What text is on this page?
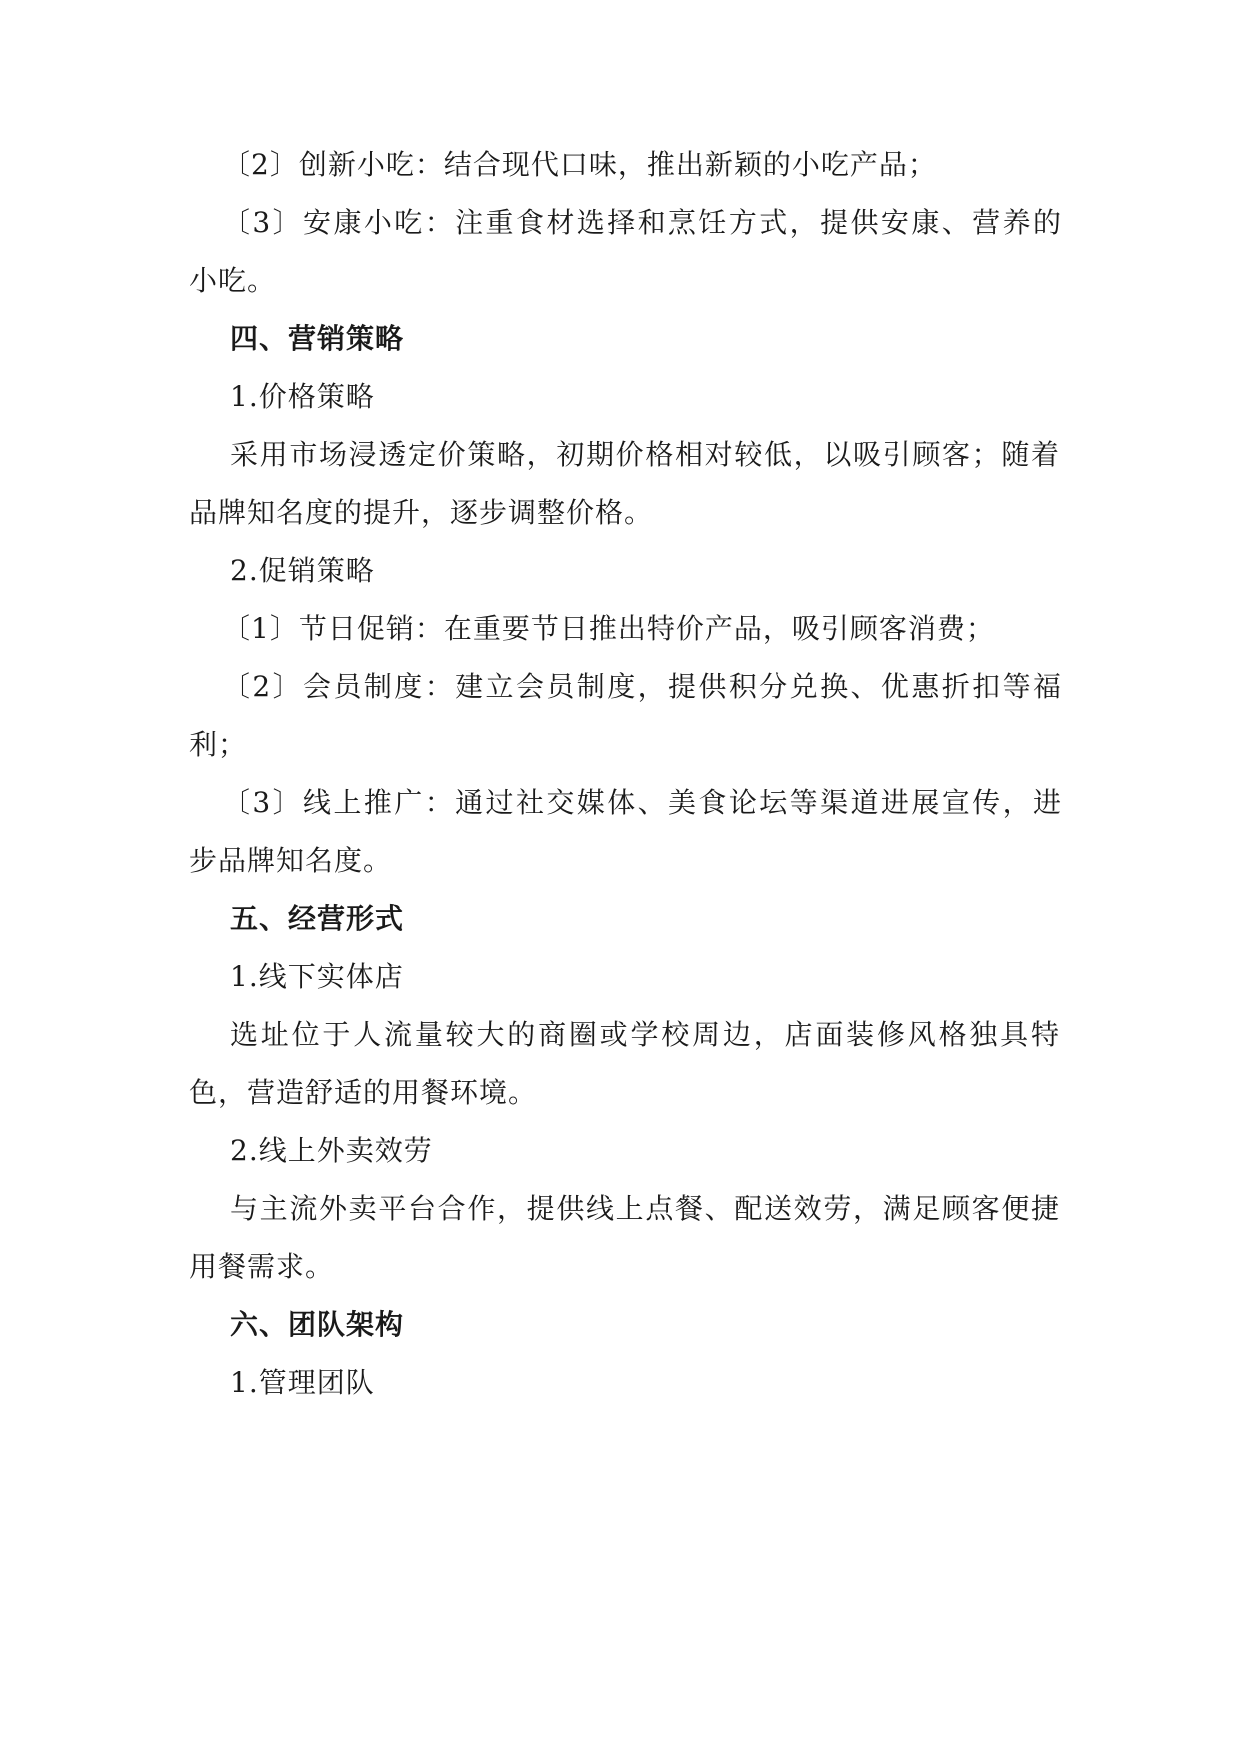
〔2〕创新小吃：结合现代口味，推出新颖的小吃产品；
〔3〕安康小吃：注重食材选择和烹饪方式，提供安康、营养的
小吃。
四、营销策略
1.价格策略
采用市场浸透定价策略，初期价格相对较低，以吸引顾客；随着
品牌知名度的提升，逐步调整价格。
2.促销策略
〔1〕节日促销：在重要节日推出特价产品，吸引顾客消费；
〔2〕会员制度：建立会员制度，提供积分兑换、优惠折扣等福
利；
〔3〕线上推广：通过社交媒体、美食论坛等渠道进展宣传，进
步品牌知名度。
五、经营形式
1.线下实体店
选址位于人流量较大的商圈或学校周边，店面装修风格独具特
色，营造舒适的用餐环境。
2.线上外卖效劳
与主流外卖平台合作，提供线上点餐、配送效劳，满足顾客便捷
用餐需求。
六、团队架构
1.管理团队
